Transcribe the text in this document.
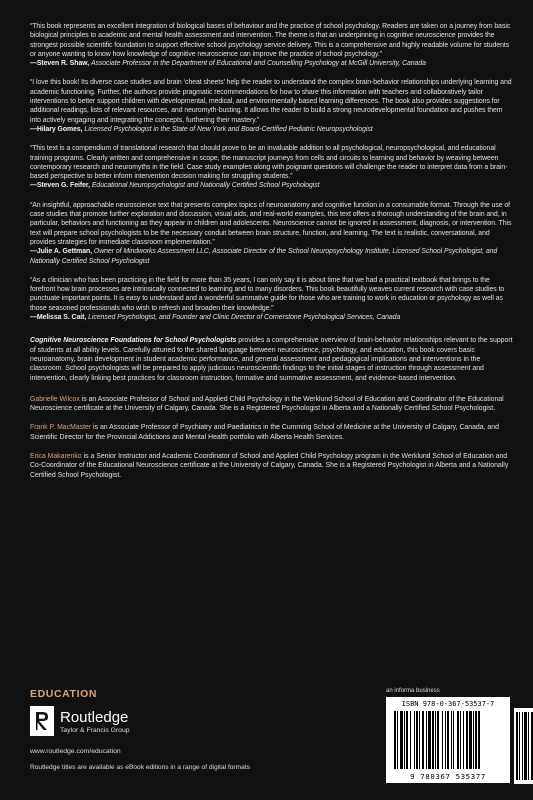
“This book represents an excellent integration of biological bases of behaviour and the practice of school psychology. Readers are taken on a journey from basic biological principles to academic and mental health assessment and intervention. The theme is that an underpinning in cognitive neuroscience provides the strongest possible scientific foundation to support effective school psychology service delivery. This is a comprehensive and highly readable volume for students or anyone wanting to know how knowledge of cognitive neuroscience can improve the practice of school psychology.”
—Steven R. Shaw, Associate Professor in the Department of Educational and Counselling Psychology at McGill University, Canada

“I love this book! Its diverse case studies and brain ‘cheat sheets’ help the reader to understand the complex brain-behavior relationships underlying learning and academic functioning. Further, the authors provide pragmatic recommendations for how to share this information with teachers and collaboratively tailor interventions to better support children with developmental, medical, and environmentally based learning differences. The book also provides suggestions for additional readings, lists of relevant resources, and neuromyth-busting. It allows the reader to build a strong neurodevelopmental foundation and pushes them into actively engaging and integrating the concepts, furthering their mastery.”
—Hilary Gomes, Licensed Psychologist in the State of New York and Board-Certified Pediatric Neuropsychologist

“This text is a compendium of translational research that should prove to be an invaluable addition to all psychological, neuropsychological, and educational training programs. Clearly written and comprehensive in scope, the manuscript journeys from cells and circuits to learning and behavior by weaving between contemporary research and neuromyths in the field. Case study examples along with poignant questions will challenge the reader to interpret data from a brain-based perspective to better inform intervention decision making for struggling students.”
—Steven G. Feifer, Educational Neuropsychologist and Nationally Certified School Psychologist

“An insightful, approachable neuroscience text that presents complex topics of neuroanatomy and cognitive function in a consumable format. Through the use of case studies that promote further exploration and discussion, visual aids, and real-world examples, this text offers a thorough understanding of the brain and, in particular, behaviors and functioning as they appear in children and adolescents. Neuroscience cannot be ignored in assessment, diagnosis, or intervention. This text will prepare school psychologists to be the necessary conduit between brain structure, function, and learning. The text is realistic, conversational, and provides strategies for immediate classroom implementation.”
—Julie A. Gettman, Owner of Mindworks Assessment LLC, Associate Director of the School Neuropsychology Institute, Licensed School Psychologist, and Nationally Certified School Psychologist

“As a clinician who has been practicing in the field for more than 35 years, I can only say it is about time that we had a practical textbook that brings to the forefront how brain processes are intrinsically connected to learning and to many disorders. This book beautifully weaves current research with case studies to punctuate important points. It is easy to understand and a wonderful summative guide for those who are training to work in education or psychology as well as those seasoned professionals who wish to refresh and broaden their knowledge.”
—Melissa S. Cait, Licensed Psychologist, and Founder and Clinic Director of Cornerstone Psychological Services, Canada

Cognitive Neuroscience Foundations for School Psychologists provides a comprehensive overview of brain-behavior relationships relevant to the support of students at all ability levels. Carefully attuned to the shared language between neuroscience, psychology, and education, this book covers basic neuroanatomy, brain development in student academic performance, and general assessment and pedagogical implications and interventions in the classroom. School psychologists will be prepared to apply judicious neuroscientific findings to the initial stages of instruction through assessment and intervention, clearly linking best practices for classroom instruction, formative and summative assessment, and evidence-based intervention.

Gabrielle Wilcox is an Associate Professor of School and Applied Child Psychology in the Werklund School of Education and Coordinator of the Educational Neuroscience certificate at the University of Calgary, Canada. She is a Registered Psychologist in Alberta and a Nationally Certified School Psychologist.

Frank P. MacMaster is an Associate Professor of Psychiatry and Paediatrics in the Cumming School of Medicine at the University of Calgary, Canada, and Scientific Director for the Provincial Addictions and Mental Health portfolio with Alberta Health Services.

Erica Makarenko is a Senior Instructor and Academic Coordinator of School and Applied Child Psychology program in the Werklund School of Education and Co-Coordinator of the Educational Neuroscience certificate at the University of Calgary, Canada. She is a Registered Psychologist in Alberta and a Nationally Certified School Psychologist.

EDUCATION
Routledge
Taylor & Francis Group
www.routledge.com/education
Routledge titles are available as eBook editions in a range of digital formats
an informa business
ISBN 978-0-367-53537-7
9 780367 535377
